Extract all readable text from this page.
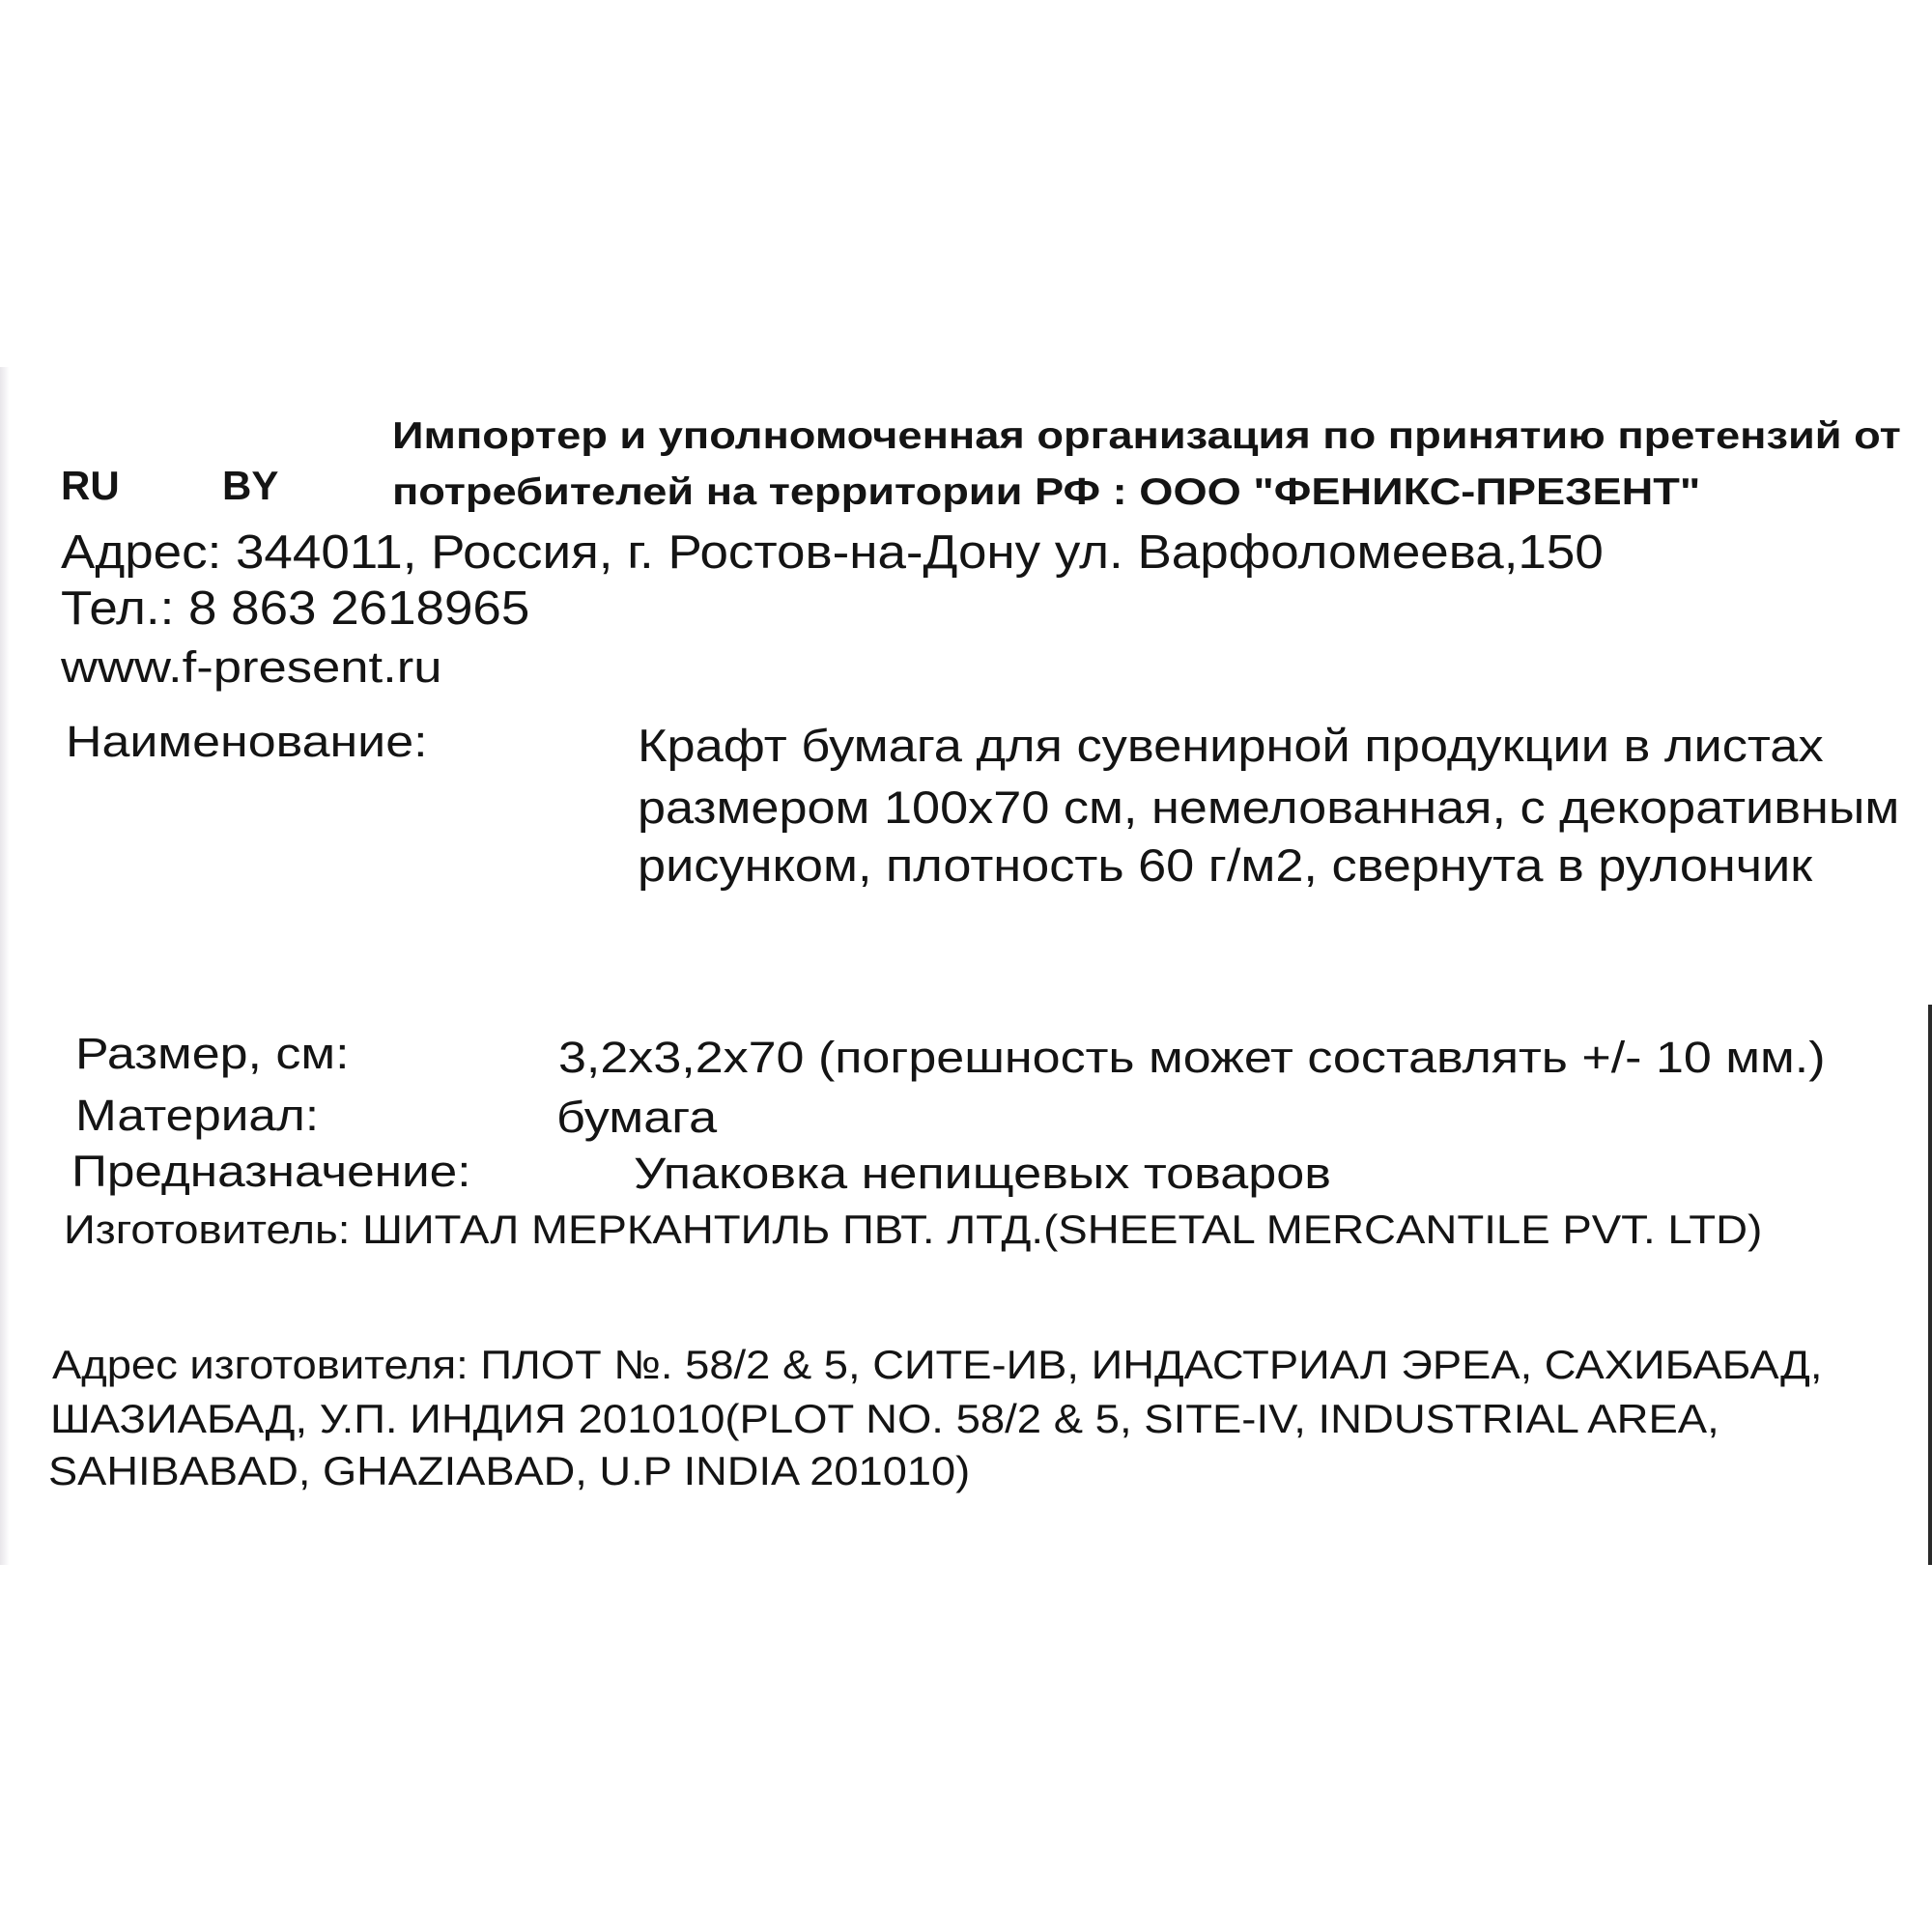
RU	BY

Импортер и уполномоченная организация по принятию претензий от

потребителей на территории РФ : ООО "ФЕНИКС-ПРЕЗЕНТ"

Адрес: 344011, Россия, г. Ростов-на-Дону ул. Варфоломеева,150

Тел.: 8 863 2618965

www.f-present.ru

Наименование:	Крафт бумага для сувенирной продукции в листах

размером 100х70 см, немелованная, с декоративным

рисунком, плотность 60 г/м2, свернута в рулончик

Размер, см:	3,2х3,2х70 (погрешность может составлять +/- 10 мм.)

Материал:	бумага

Предназначение:	Упаковка непищевых товаров

Изготовитель: ШИТАЛ МЕРКАНТИЛЬ ПВТ. ЛТД.(SHEETAL MERCANTILE PVT. LTD)

Адрес изготовителя: ПЛОТ №. 58/2 & 5, СИТЕ-ИВ, ИНДАСТРИАЛ ЭРЕА, САХИБАБАД,

ШАЗИАБАД, У.П. ИНДИЯ 201010(PLOT NO. 58/2 & 5, SITE-IV, INDUSTRIAL AREA,

SAHIBABAD, GHAZIABAD, U.P INDIA 201010)
